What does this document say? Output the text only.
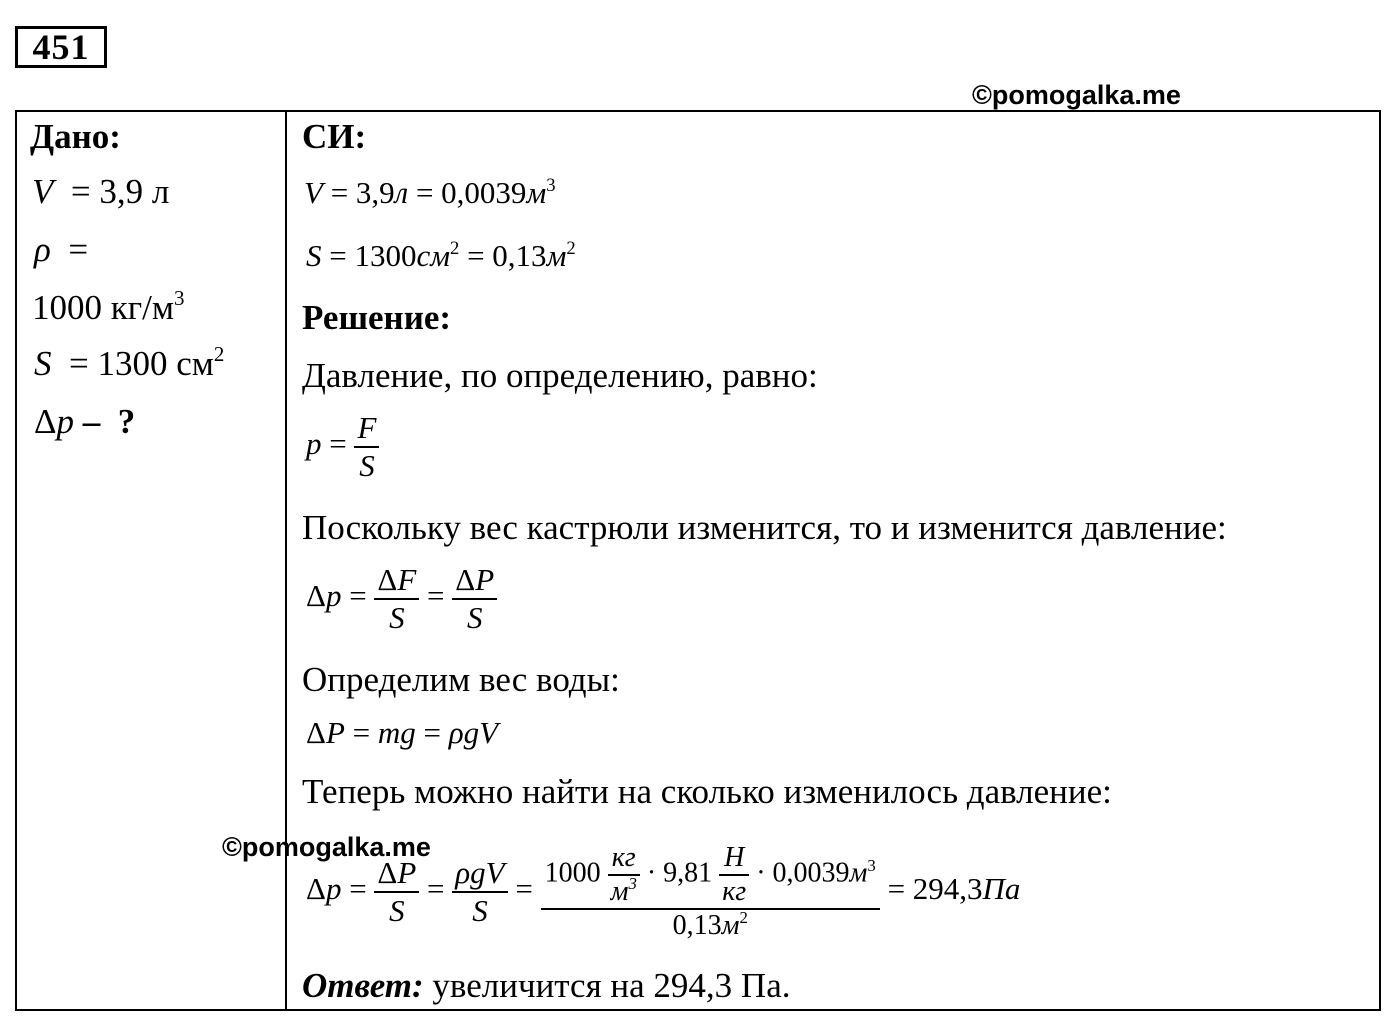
451
©pomogalka.me
Дано:
V  = 3,9 л
ρ  =
1000 $кг/м^3$
S  = 1300 $см^2$
Δp –  ?
СИ:
$V = 3,9л = 0,0039м^3$
$S = 1300см^2 = 0,13м^2$
Решение:
Давление, по определению, равно:
$p = \frac{F}{S}$
Поскольку вес кастрюли изменится, то и изменится давление:
$\Delta p = \frac{\Delta F}{S} = \frac{\Delta P}{S}$
Определим вес воды:
ΔP = mg = ρgV
Теперь можно найти на сколько изменилось давление:
©pomogalka.me
$\Delta p = \frac{\Delta P}{S} = \frac{\text{ρgV}}{S} = \frac{1000 \frac{кг}{м^3} \cdot 9,81 \frac{Н}{кг} \cdot 0,0039м^3}{0,13м^2} = 294,3Па$
Ответ: увеличится на 294,3 Па.
